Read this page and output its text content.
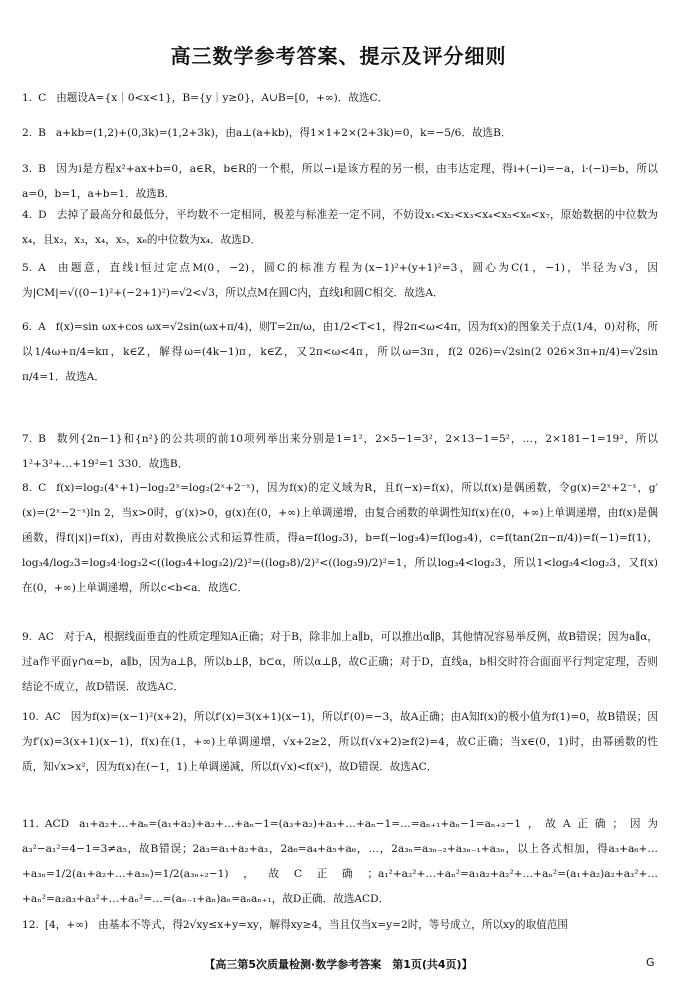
高三数学参考答案、提示及评分细则
1. C 由题设A={x｜0<x<1}，B={y｜y≥0}，A∪B=[0，+∞)．故选C．
2. B a+kb=(1,2)+(0,3k)=(1,2+3k)，由a⊥(a+kb)，得1×1+2×(2+3k)=0，k=−5/6．故选B．
3. B 因为i是方程x²+ax+b=0，a∈R，b∈R的一个根，所以−i是该方程的另一根，由韦达定理，得i+(−i)=−a，i·(−i)=b，所以a=0，b=1，a+b=1．故选B．
4. D 去掉了最高分和最低分，平均数不一定相同，极差与标准差一定不同，不妨设x₁<x₂<x₃<x₄<x₅<x₆<x₇，原始数据的中位数为x₄，且x₂，x₃，x₄，x₅，x₆的中位数为x₄．故选D．
5. A 由题意，直线l恒过定点M(0，−2)，圆C的标准方程为(x−1)²+(y+1)²=3，圆心为C(1，−1)，半径为√3，因为|CM|=√((0−1)²+(−2+1)²)=√2<√3，所以点M在圆C内，直线l和圆C相交．故选A．
6. A f(x)=sin ωx+cos ωx=√2sin(ωx+π/4)，则T=2π/ω，由1/2<T<1，得2π<ω<4π，因为f(x)的图象关于点(1/4，0)对称，所以1/4ω+π/4=kπ，k∈Z，解得ω=(4k−1)π，k∈Z，又2π<ω<4π，所以ω=3π，f(2 026)=√2sin(2 026×3π+π/4)=√2sin π/4=1．故选A．
7. B 数列{2n−1}和{n²}的公共项的前10项列举出来分别是1=1²，2×5−1=3²，2×13−1=5²，…，2×181−1=19²，所以1²+3²+…+19²=1 330．故选B．
8. C f(x)=log₂(4ˣ+1)−log₂2ˣ=log₂(2ˣ+2⁻ˣ)，因为f(x)的定义域为R，且f(−x)=f(x)，所以f(x)是偶函数，令g(x)=2ˣ+2⁻ˣ，g′(x)=(2ˣ−2⁻ˣ)ln 2，当x>0时，g′(x)>0，g(x)在(0，+∞)上单调递增，由复合函数的单调性知f(x)在(0，+∞)上单调递增，由f(x)是偶函数，得f(|x|)=f(x)，再由对数换底公式和运算性质，得a=f(log₂3)，b=f(−log₃4)=f(log₃4)，c=f(tan(2π−π/4))=f(−1)=f(1)，log₃4/log₂3=log₃4·log₃2<((log₃4+log₃2)/2)²=((log₃8)/2)²<((log₃9)/2)²=1，所以log₃4<log₂3，所以1<log₃4<log₂3，又f(x)在(0，+∞)上单调递增，所以c<b<a．故选C．
9. AC 对于A，根据线面垂直的性质定理知A正确；对于B，除非加上a∥b，可以推出α∥β，其他情况容易举反例，故B错误；因为a∥α，过a作平面γ∩α=b，a∥b，因为a⊥β，所以b⊥β，b⊂α，所以α⊥β，故C正确；对于D，直线a，b相交时符合面面平行判定定理，否则结论不成立，故D错误．故选AC．
10. AC 因为f(x)=(x−1)²(x+2)，所以f′(x)=3(x+1)(x−1)，所以f′(0)=−3，故A正确；由A知f(x)的极小值为f(1)=0，故B错误；因为f′(x)=3(x+1)(x−1)，f(x)在(1，+∞)上单调递增，√x+2≥2，所以f(√x+2)≥f(2)=4，故C正确；当x∈(0，1)时，由幂函数的性质，知√x>x²，因为f(x)在(−1，1)上单调递减，所以f(√x)<f(x²)，故D错误．故选AC．
11. ACD a₁+a₂+…+aₙ=(a₁+a₂)+a₂+…+aₙ−1=(a₃+a₂)+a₃+…+aₙ−1=…=aₙ₊₁+aₙ−1=aₙ₊₂−1，故A正确；因为a₃²−a₁²=4−1=3≠a₅，故B错误；2a₃=a₁+a₂+a₃，2a₆=a₄+a₅+a₆，…，2a₃ₙ=a₃ₙ₋₂+a₃ₙ₋₁+a₃ₙ，以上各式相加，得a₃+a₆+…+a₃ₙ=1/2(a₁+a₂+…+a₃ₙ)=1/2(a₃ₙ₊₂−1)，故C正确；a₁²+a₂²+…+aₙ²=a₁a₂+a₂²+…+aₙ²=(a₁+a₂)a₂+a₃²+…+aₙ²=a₂a₃+a₃²+…+aₙ²=…=(aₙ₋₁+aₙ)aₙ=aₙaₙ₊₁，故D正确．故选ACD．
12. [4，+∞) 由基本不等式，得2√xy≤x+y=xy，解得xy≥4，当且仅当x=y=2时，等号成立，所以xy的取值范围
【高三第5次质量检测·数学参考答案　第1页(共4页)】	G
